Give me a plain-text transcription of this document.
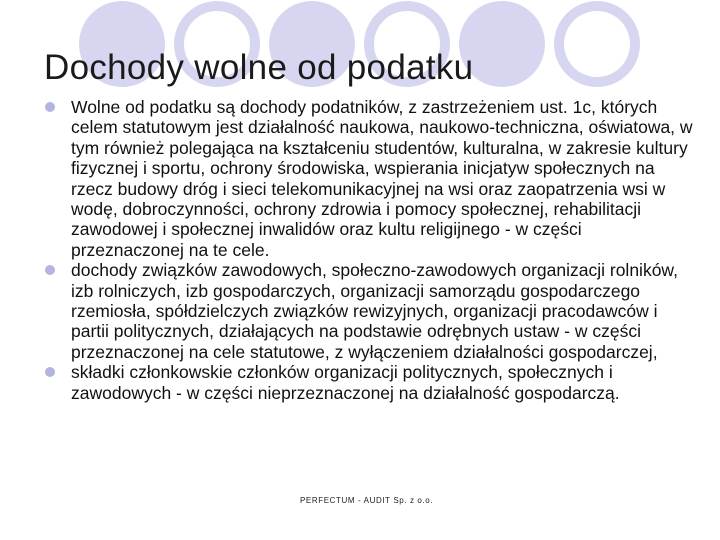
Dochody wolne od podatku
Wolne od podatku są dochody podatników, z zastrzeżeniem ust. 1c, których celem statutowym jest działalność naukowa, naukowo-techniczna, oświatowa, w tym również polegająca na kształceniu studentów, kulturalna, w zakresie kultury fizycznej i sportu, ochrony środowiska, wspierania inicjatyw społecznych na rzecz budowy dróg i sieci telekomunikacyjnej na wsi oraz zaopatrzenia wsi w wodę, dobroczynności, ochrony zdrowia i pomocy społecznej, rehabilitacji zawodowej i społecznej inwalidów oraz kultu religijnego - w części przeznaczonej na te cele.
dochody związków zawodowych, społeczno-zawodowych organizacji rolników, izb rolniczych, izb gospodarczych, organizacji samorządu gospodarczego rzemiosła, spółdzielczych związków rewizyjnych, organizacji pracodawców i partii politycznych, działających na podstawie odrębnych ustaw - w części przeznaczonej na cele statutowe, z wyłączeniem działalności gospodarczej,
składki członkowskie członków organizacji politycznych, społecznych i zawodowych - w części nieprzeznaczonej na działalność gospodarczą.
PERFECTUM - AUDIT Sp. z o.o.
